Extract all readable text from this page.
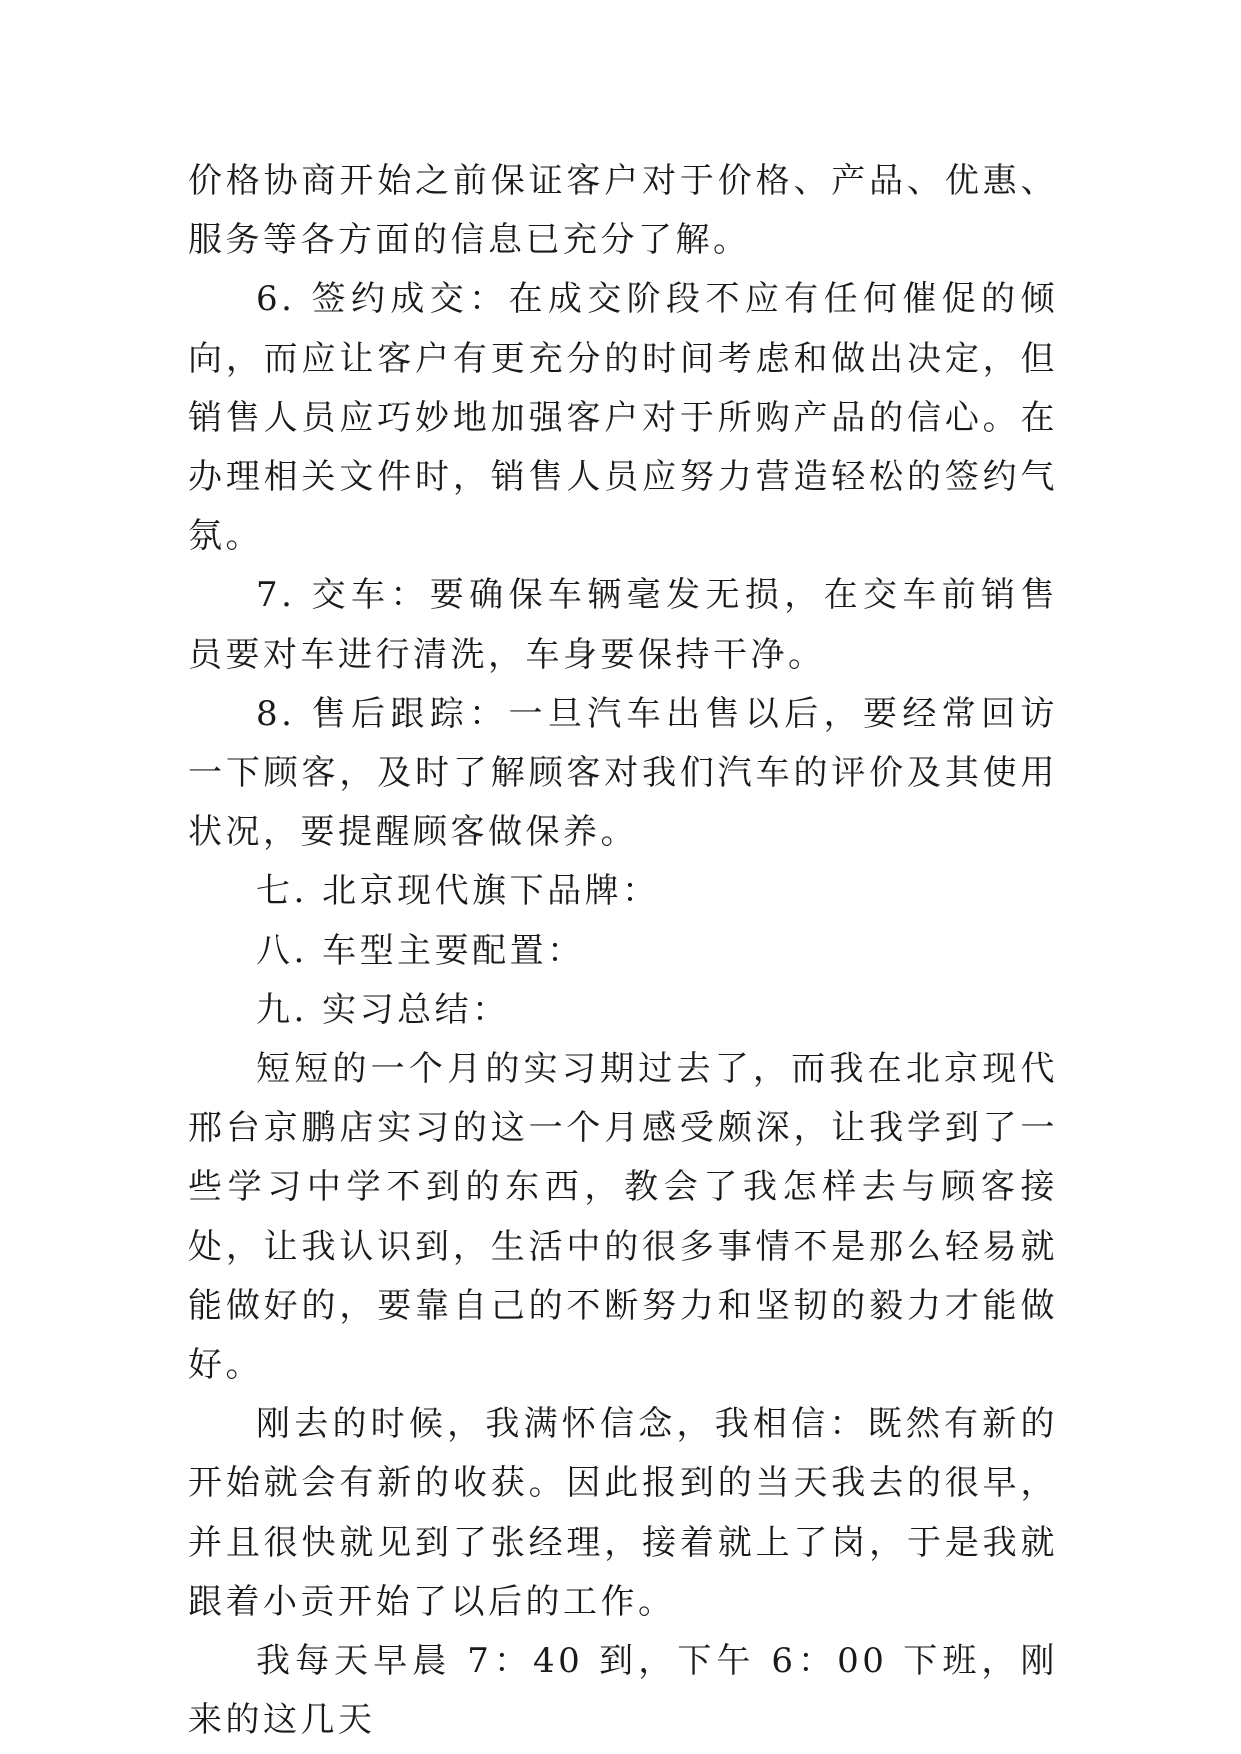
价格协商开始之前保证客户对于价格、产品、优惠、服务等各方面的信息已充分了解。

6. 签约成交：在成交阶段不应有任何催促的倾向，而应让客户有更充分的时间考虑和做出决定，但销售人员应巧妙地加强客户对于所购产品的信心。在办理相关文件时，销售人员应努力营造轻松的签约气氛。

7. 交车：要确保车辆毫发无损，在交车前销售员要对车进行清洗，车身要保持干净。

8. 售后跟踪：一旦汽车出售以后，要经常回访一下顾客，及时了解顾客对我们汽车的评价及其使用状况，要提醒顾客做保养。

七. 北京现代旗下品牌：

八. 车型主要配置：

九. 实习总结：

短短的一个月的实习期过去了，而我在北京现代邢台京鹏店实习的这一个月感受颇深，让我学到了一些学习中学不到的东西，教会了我怎样去与顾客接处，让我认识到，生活中的很多事情不是那么轻易就能做好的，要靠自己的不断努力和坚韧的毅力才能做好。

刚去的时候，我满怀信念，我相信：既然有新的开始就会有新的收获。因此报到的当天我去的很早，并且很快就见到了张经理，接着就上了岗，于是我就跟着小贡开始了以后的工作。

我每天早晨 7：40 到，下午 6：00 下班，刚来的这几天
